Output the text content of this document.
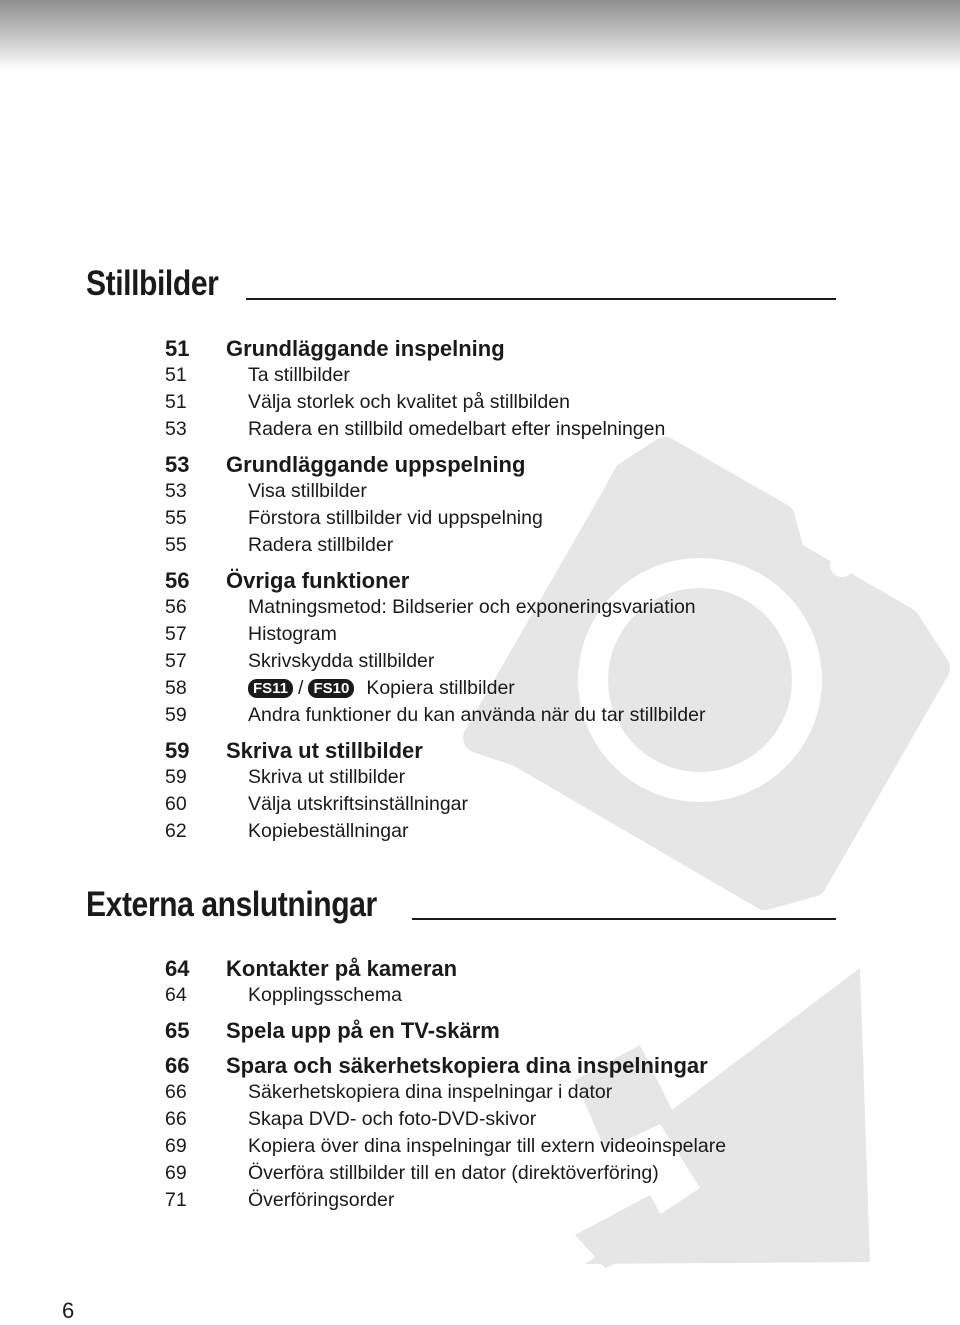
Stillbilder
51 Grundläggande inspelning
51	Ta stillbilder
51	Välja storlek och kvalitet på stillbilden
53	Radera en stillbild omedelbart efter inspelningen
53 Grundläggande uppspelning
53	Visa stillbilder
55	Förstora stillbilder vid uppspelning
55	Radera stillbilder
56 Övriga funktioner
56	Matningsmetod: Bildserier och exponeringsvariation
57	Histogram
57	Skrivskydda stillbilder
58	FS11 / FS10 Kopiera stillbilder
59	Andra funktioner du kan använda när du tar stillbilder
59 Skriva ut stillbilder
59	Skriva ut stillbilder
60	Välja utskriftsinställningar
62	Kopiebeställningar
Externa anslutningar
64 Kontakter på kameran
64	Kopplingsschema
65 Spela upp på en TV-skärm
66 Spara och säkerhetskopiera dina inspelningar
66	Säkerhetskopiera dina inspelningar i dator
66	Skapa DVD- och foto-DVD-skivor
69	Kopiera över dina inspelningar till extern videoinspelare
69	Överföra stillbilder till en dator (direktöverföring)
71	Överföringsorder
6
